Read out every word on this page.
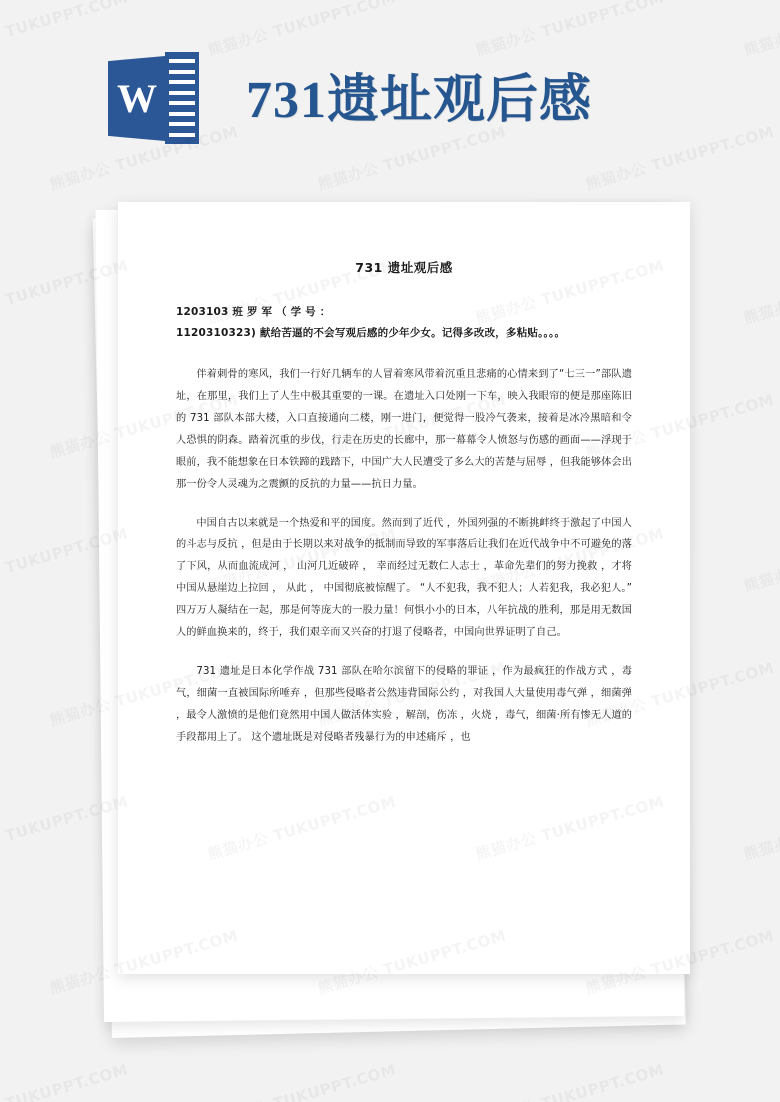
W 731遗址观后感
731 遗址观后感
1203103 班 罗 军 （ 学 号 ：1120310323) 献给苦逼的不会写观后感的少年少女。记得多改改，多粘贴。。。。

伴着刺骨的寒风，我们一行好几辆车的人冒着寒风带着沉重且悲痛的心情来到了“七三一”部队遗址，在那里，我们上了人生中极其重要的一课。在遗址入口处刚一下车，映入我眼帘的便是那座陈旧的 731 部队本部大楼，入口直接通向二楼，刚一进门，便觉得一股冷气袭来，接着是冰冷黑暗和令人恐惧的阴森。踏着沉重的步伐，行走在历史的长廊中，那一幕幕令人愤怒与伤感的画面——浮现于眼前，我不能想象在日本铁蹄的践踏下，中国广大人民遭受了多么大的苦楚与屈辱 ，但我能够体会出那一份令人灵魂为之震颤的反抗的力量——抗日力量。

中国自古以来就是一个热爱和平的国度。然而到了近代 ，外国列强的不断挑衅终于激起了中国人的斗志与反抗 ，但是由于长期以来对战争的抵制而导致的军事落后让我们在近代战争中不可避免的落了下风，从而血流成河 ， 山河几近破碎 ， 幸而经过无数仁人志士 ，革命先辈们的努力挽救 ，才将中国从悬崖边上拉回 ， 从此 ， 中国彻底被惊醒了。 “人不犯我，我不犯人；人若犯我，我必犯人。” 四万万人凝结在一起，那是何等庞大的一股力量！何惧小小的日本，八年抗战的胜利，那是用无数国人的鲜血换来的，终于，我们艰辛而又兴奋的打退了侵略者，中国向世界证明了自己。

731 遗址是日本化学作战 731 部队在哈尔滨留下的侵略的罪证 ，作为最疯狂的作战方式 ，毒气，细菌一直被国际所唾弃 ，但那些侵略者公然违背国际公约 ，对我国人大量使用毒气弹 ，细菌弹 ，最令人激愤的是他们竟然用中国人做活体实验 ，解剖，伤冻 ，火烧 ，毒气，细菌·所有惨无人道的手段都用上了。 这个遗址既是对侵略者残暴行为的申述痛斥 ，也
